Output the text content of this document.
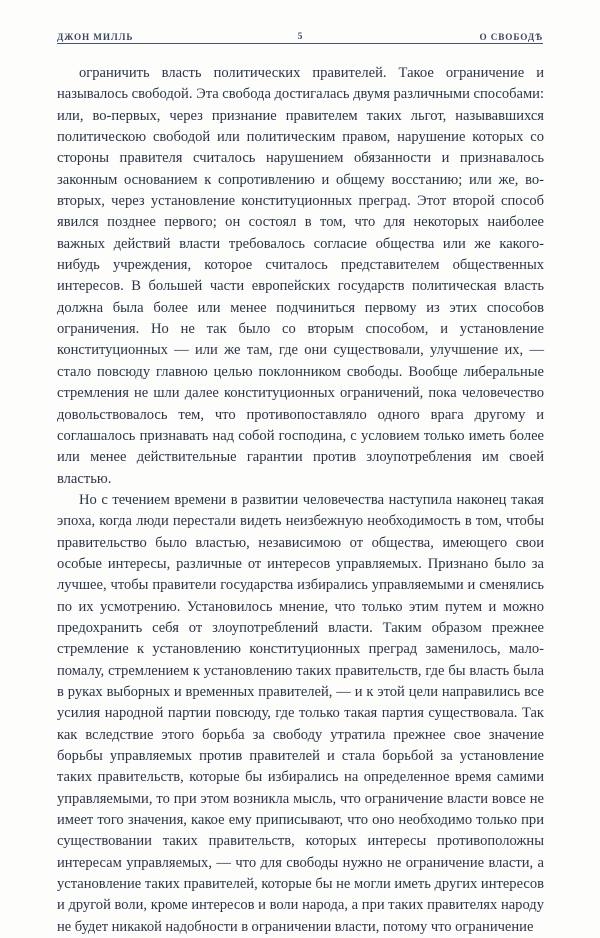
ДЖОН МИЛЛЬ	5	О СВОБОДѢ

ограничить власть политических правителей. Такое ограничение и называлось свободой. Эта свобода достигалась двумя различными способами: или, во-первых, через признание правителем таких льгот, называвшихся политическою свободой или политическим правом, нарушение которых со стороны правителя считалось нарушением обязанности и признавалось законным основанием к сопротивлению и общему восстанию; или же, во-вторых, через установление конституционных преград. Этот второй способ явился позднее первого; он состоял в том, что для некоторых наиболее важных действий власти требовалось согласие общества или же какого-нибудь учреждения, которое считалось представителем общественных интересов. В большей части европейских государств политическая власть должна была более или менее подчиниться первому из этих способов ограничения. Но не так было со вторым способом, и установление конституционных — или же там, где они существовали, улучшение их, — стало повсюду главною целью поклонником свободы. Вообще либеральные стремления не шли далее конституционных ограничений, пока человечество довольствовалось тем, что противопоставляло одного врага другому и соглашалось признавать над собой господина, с условием только иметь более или менее действительные гарантии против злоупотребления им своей властью.

Но с течением времени в развитии человечества наступила наконец такая эпоха, когда люди перестали видеть неизбежную необходимость в том, чтобы правительство было властью, независимою от общества, имеющего свои особые интересы, различные от интересов управляемых. Признано было за лучшее, чтобы правители государства избирались управляемыми и сменялись по их усмотрению. Установилось мнение, что только этим путем и можно предохранить себя от злоупотреблений власти. Таким образом прежнее стремление к установлению конституционных преград заменилось, мало-помалу, стремлением к установлению таких правительств, где бы власть была в руках выборных и временных правителей, — и к этой цели направились все усилия народной партии повсюду, где только такая партия существовала. Так как вследствие этого борьба за свободу утратила прежнее свое значение борьбы управляемых против правителей и стала борьбой за установление таких правительств, которые бы избирались на определенное время самими управляемыми, то при этом возникла мысль, что ограничение власти вовсе не имеет того значения, какое ему приписывают, что оно необходимо только при существовании таких правительств, которых интересы противоположны интересам управляемых, — что для свободы нужно не ограничение власти, а установление таких правителей, которые бы не могли иметь других интересов и другой воли, кроме интересов и воли народа, а при таких правителях народу не будет никакой надобности в ограничении власти, потому что ограничение
